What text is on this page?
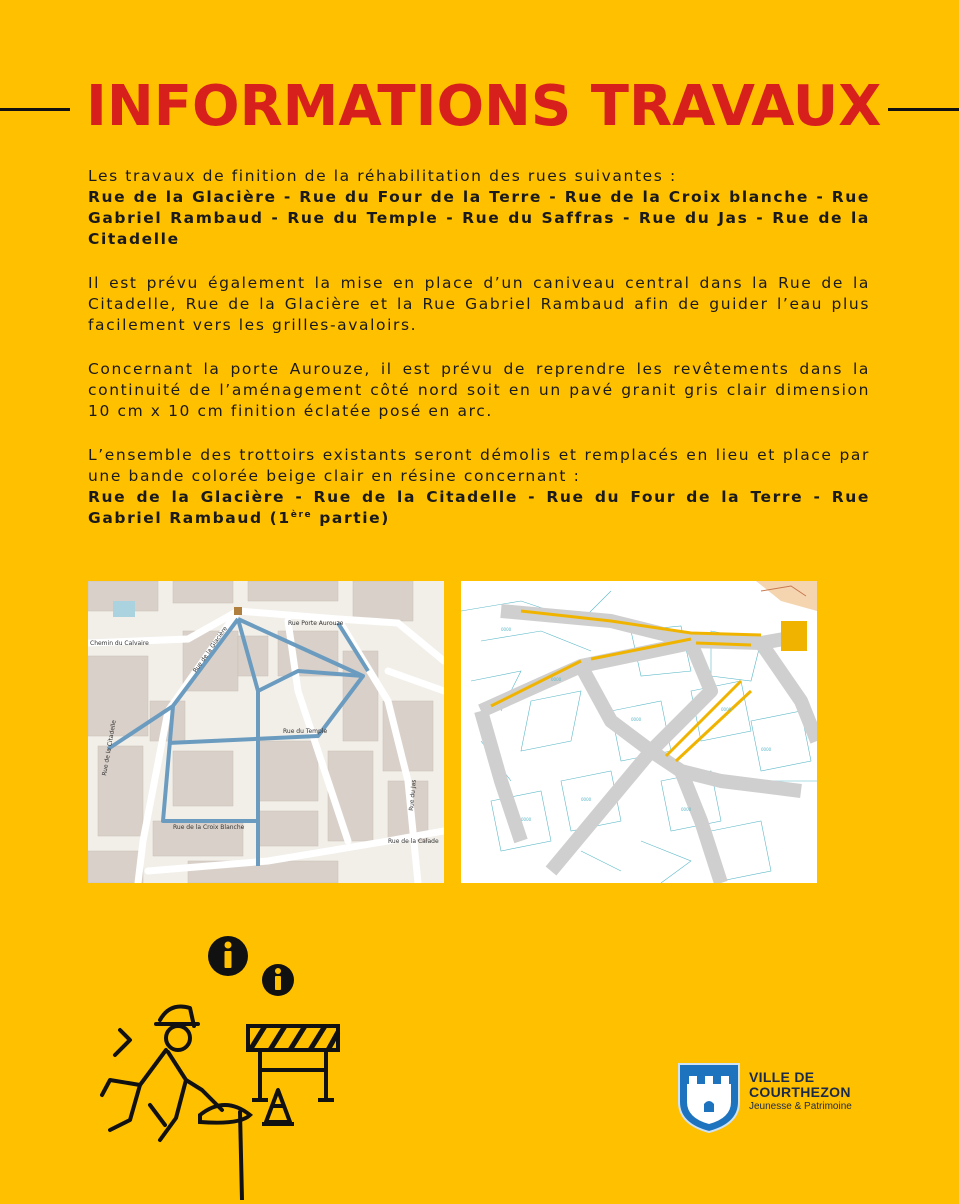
INFORMATIONS TRAVAUX

Les travaux de finition de la réhabilitation des rues suivantes :
Rue de la Glacière - Rue du Four de la Terre - Rue de la Croix blanche - Rue Gabriel Rambaud - Rue du Temple - Rue du Saffras - Rue du Jas - Rue de la Citadelle

Il est prévu également la mise en place d’un caniveau central dans la Rue de la Citadelle, Rue de la Glacière et la Rue Gabriel Rambaud afin de guider l’eau plus facilement vers les grilles-avaloirs.

Concernant la porte Aurouze, il est prévu de reprendre les revêtements dans la continuité de l’aménagement côté nord soit en un pavé granit gris clair dimension 10 cm x 10 cm finition éclatée posé en arc.

L’ensemble des trottoirs existants seront démolis et remplacés en lieu et place par une bande colorée beige clair en résine concernant :
Rue de la Glacière - Rue de la Citadelle - Rue du Four de la Terre - Rue Gabriel Rambaud (1ère partie)

Rue Porte Aurouze
Chemin du Calvaire
Rue de la Calade
Rue de la Croix Blanche
Rue du Temple
Rue de la Citadelle
Rue de la Glacière
Rue du Jas
0000
0000
0000
0000
0000
0000
0000
0000
VILLE DE
COURTHEZON
Jeunesse & Patrimoine
